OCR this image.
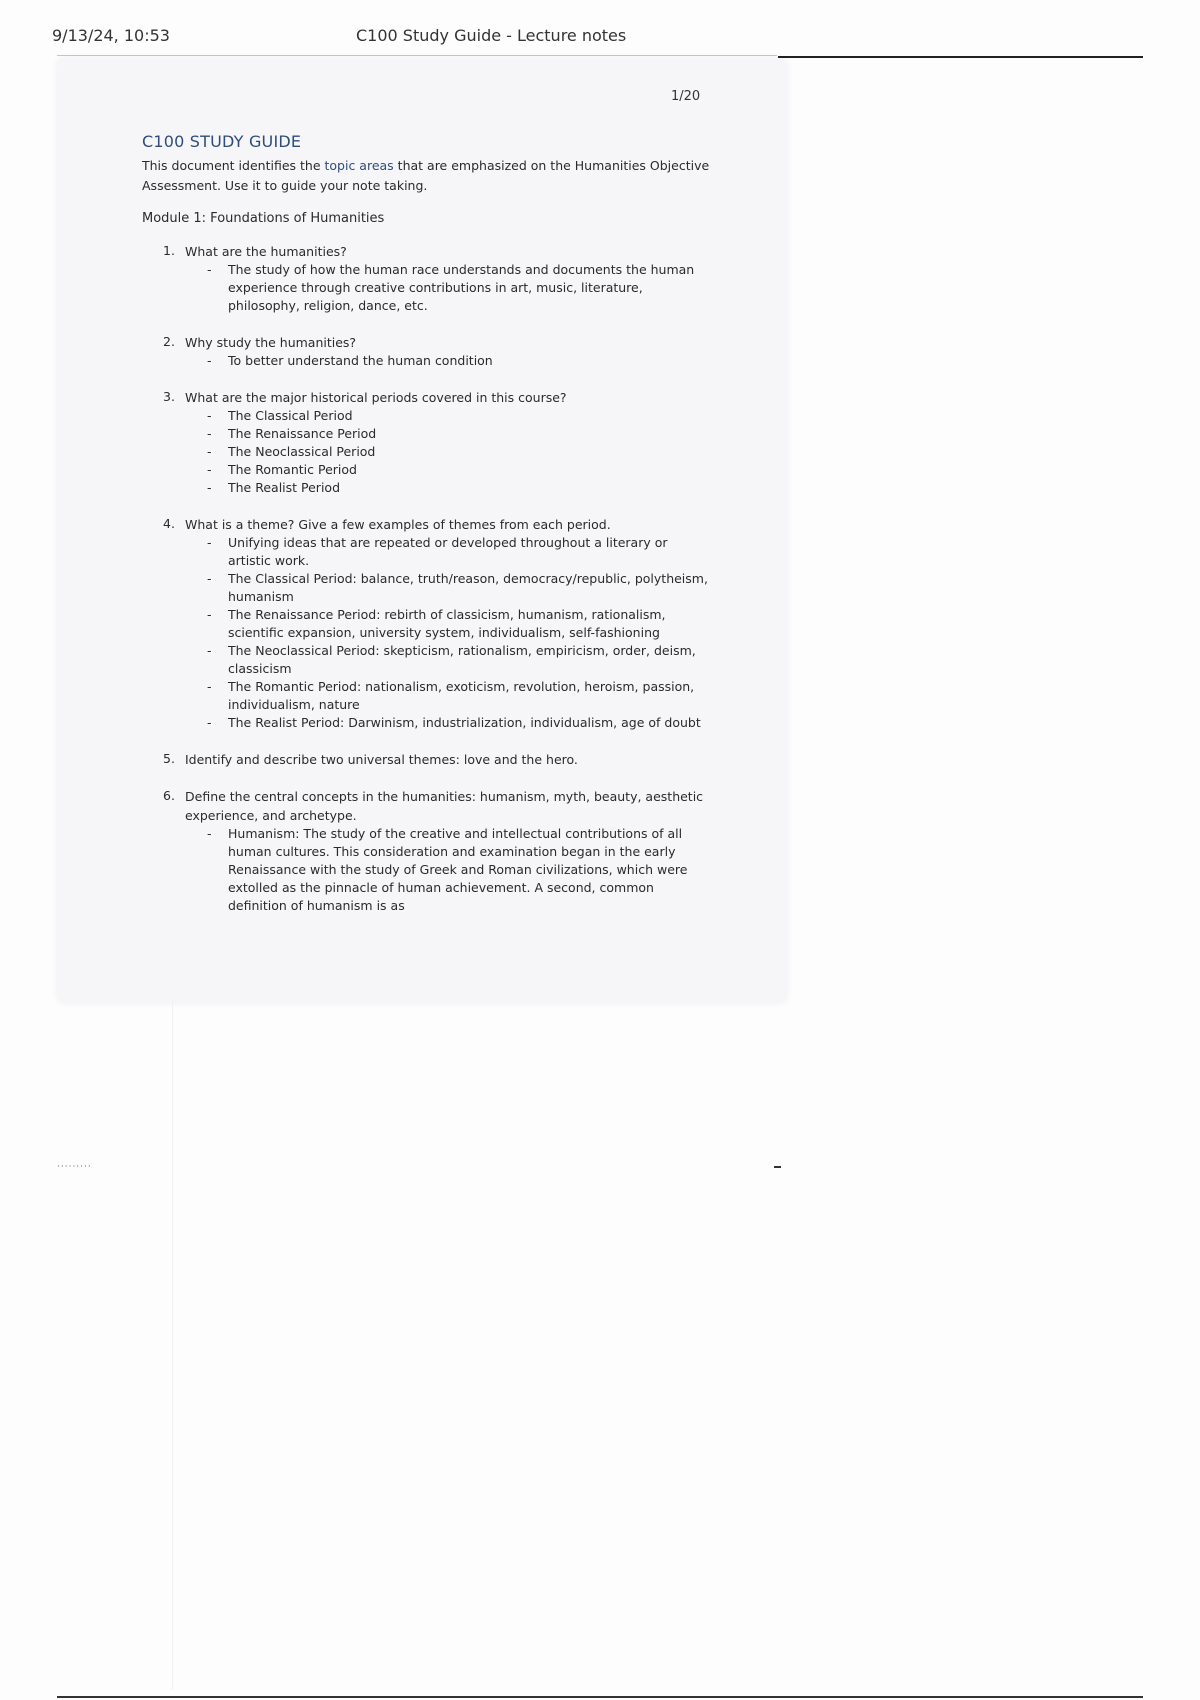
9/13/24, 10:53	C100 Study Guide - Lecture notes
1/20
C100 STUDY GUIDE

This document identifies the topic areas that are emphasized on the Humanities Objective Assessment. Use it to guide your note taking.

Module 1: Foundations of Humanities
1. What are the humanities?
- The study of how the human race understands and documents the human experience through creative contributions in art, music, literature, philosophy, religion, dance, etc.
2. Why study the humanities?
- To better understand the human condition
3. What are the major historical periods covered in this course?
- The Classical Period
- The Renaissance Period
- The Neoclassical Period
- The Romantic Period
- The Realist Period
4. What is a theme? Give a few examples of themes from each period.
- Unifying ideas that are repeated or developed throughout a literary or artistic work.
- The Classical Period: balance, truth/reason, democracy/republic, polytheism, humanism
- The Renaissance Period: rebirth of classicism, humanism, rationalism, scientific expansion, university system, individualism, self-fashioning
- The Neoclassical Period: skepticism, rationalism, empiricism, order, deism, classicism
- The Romantic Period: nationalism, exoticism, revolution, heroism, passion, individualism, nature
- The Realist Period: Darwinism, industrialization, individualism, age of doubt
5. Identify and describe two universal themes: love and the hero.
6. Define the central concepts in the humanities: humanism, myth, beauty, aesthetic experience, and archetype.
- Humanism: The study of the creative and intellectual contributions of all human cultures. This consideration and examination began in the early Renaissance with the study of Greek and Roman civilizations, which were extolled as the pinnacle of human achievement. A second, common definition of humanism is as
·········
